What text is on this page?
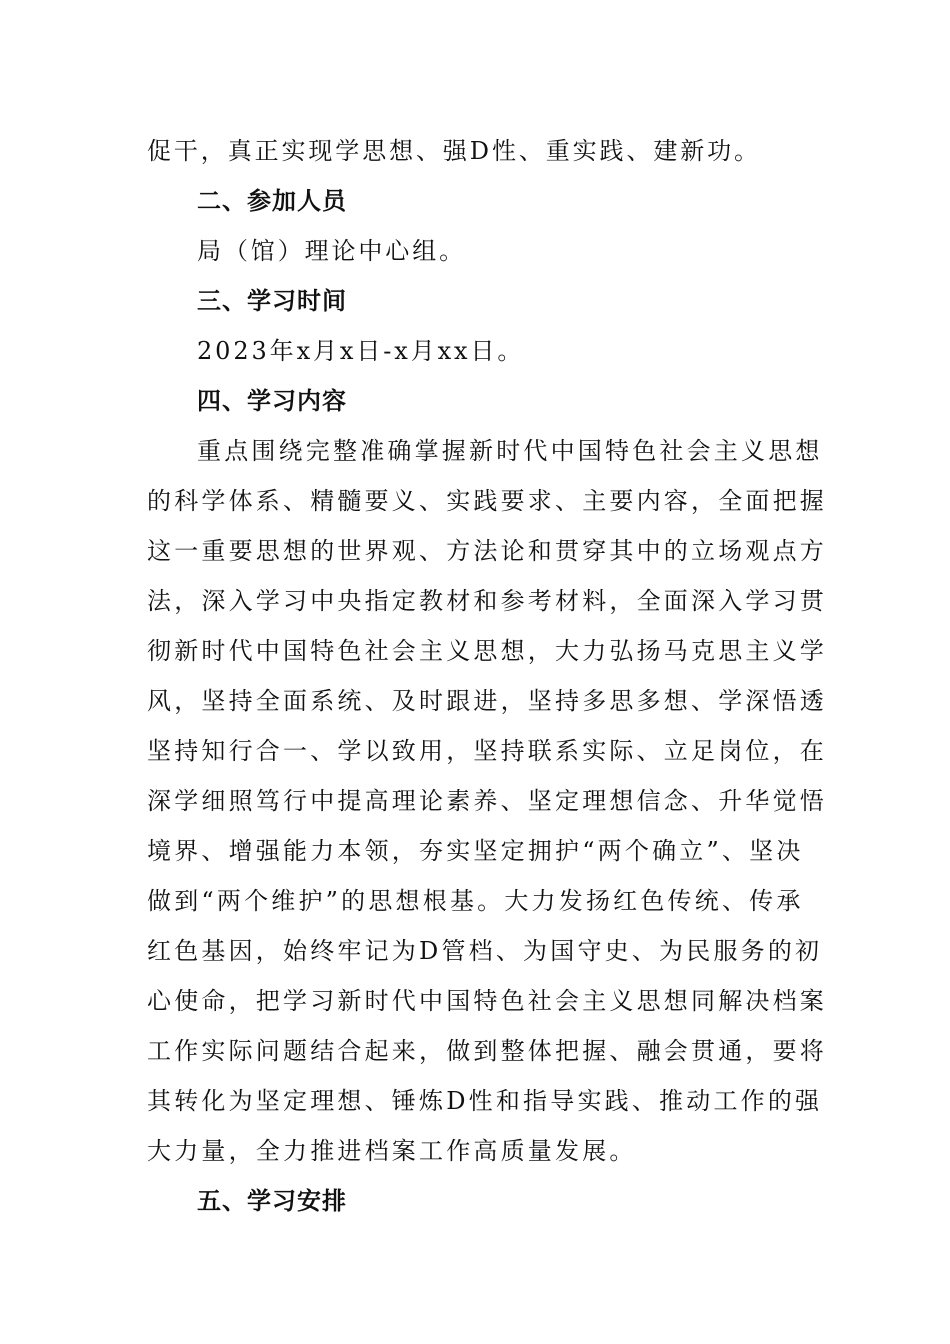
促干，真正实现学思想、强D性、重实践、建新功。
二、参加人员
局（馆）理论中心组。
三、学习时间
2023年x月x日-x月xx日。
四、学习内容
重点围绕完整准确掌握新时代中国特色社会主义思想
的科学体系、精髓要义、实践要求、主要内容，全面把握
这一重要思想的世界观、方法论和贯穿其中的立场观点方
法，深入学习中央指定教材和参考材料，全面深入学习贯
彻新时代中国特色社会主义思想，大力弘扬马克思主义学
风，坚持全面系统、及时跟进，坚持多思多想、学深悟透
坚持知行合一、学以致用，坚持联系实际、立足岗位，在
深学细照笃行中提高理论素养、坚定理想信念、升华觉悟
境界、增强能力本领，夯实坚定拥护“两个确立”、坚决
做到“两个维护”的思想根基。大力发扬红色传统、传承
红色基因，始终牢记为D管档、为国守史、为民服务的初
心使命，把学习新时代中国特色社会主义思想同解决档案
工作实际问题结合起来，做到整体把握、融会贯通，要将
其转化为坚定理想、锤炼D性和指导实践、推动工作的强
大力量，全力推进档案工作高质量发展。
五、学习安排
